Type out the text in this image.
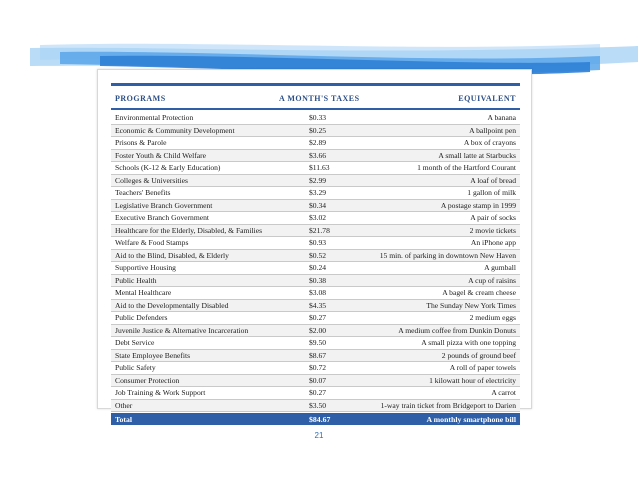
PROGRAMS	A MONTH'S TAXES	EQUIVALENT
Environmental Protection	$0.33	A banana
Economic & Community Development	$0.25	A ballpoint pen
Prisons & Parole	$2.89	A box of crayons
Foster Youth & Child Welfare	$3.66	A small latte at Starbucks
Schools (K-12 & Early Education)	$11.63	1 month of the Hartford Courant
Colleges & Universities	$2.99	A loaf of bread
Teachers' Benefits	$3.29	1 gallon of milk
Legislative Branch Government	$0.34	A postage stamp in 1999
Executive Branch Government	$3.02	A pair of socks
Healthcare for the Elderly, Disabled, & Families	$21.78	2 movie tickets
Welfare & Food Stamps	$0.93	An iPhone app
Aid to the Blind, Disabled, & Elderly	$0.52	15 min. of parking in downtown New Haven
Supportive Housing	$0.24	A gumball
Public Health	$0.38	A cup of raisins
Mental Healthcare	$3.08	A bagel & cream cheese
Aid to the Developmentally Disabled	$4.35	The Sunday New York Times
Public Defenders	$0.27	2 medium eggs
Juvenile Justice & Alternative Incarceration	$2.00	A medium coffee from Dunkin Donuts
Debt Service	$9.50	A small pizza with one topping
State Employee Benefits	$8.67	2 pounds of ground beef
Public Safety	$0.72	A roll of paper towels
Consumer Protection	$0.07	1 kilowatt hour of electricity
Job Training & Work Support	$0.27	A carrot
Other	$3.50	1-way train ticket from Bridgeport to Darien
Total	$84.67	A monthly smartphone bill
21
